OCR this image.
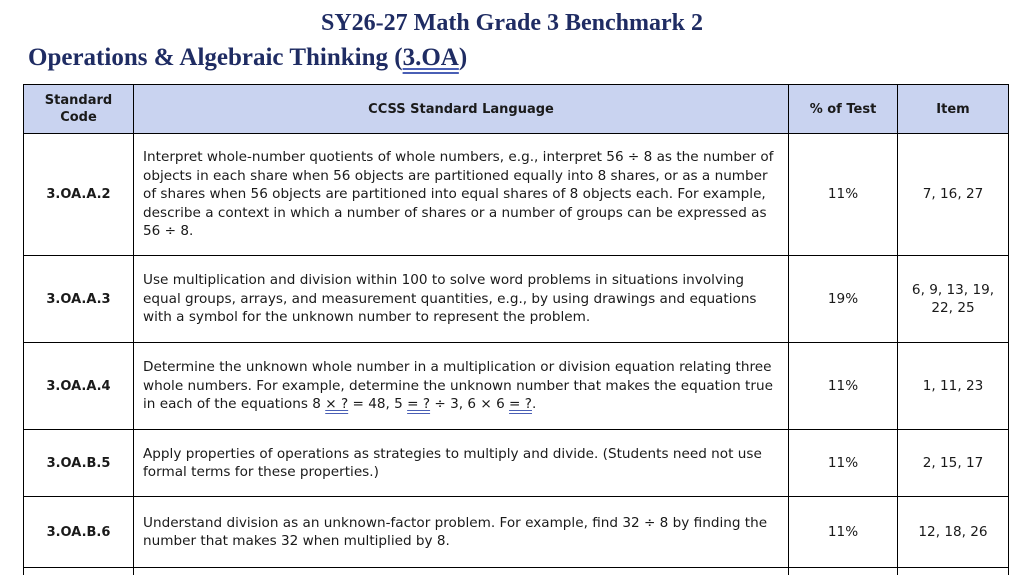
SY26-27 Math Grade 3 Benchmark 2
Operations & Algebraic Thinking (3.OA)
Standard Code	CCSS Standard Language	% of Test	Item
3.OA.A.2	Interpret whole-number quotients of whole numbers, e.g., interpret 56 ÷ 8 as the number of objects in each share when 56 objects are partitioned equally into 8 shares, or as a number of shares when 56 objects are partitioned into equal shares of 8 objects each. For example, describe a context in which a number of shares or a number of groups can be expressed as 56 ÷ 8.	11%	7, 16, 27
3.OA.A.3	Use multiplication and division within 100 to solve word problems in situations involving equal groups, arrays, and measurement quantities, e.g., by using drawings and equations with a symbol for the unknown number to represent the problem.	19%	6, 9, 13, 19, 22, 25
3.OA.A.4	Determine the unknown whole number in a multiplication or division equation relating three whole numbers. For example, determine the unknown number that makes the equation true in each of the equations 8 × ? = 48, 5 = ? ÷ 3, 6 × 6 = ?.	11%	1, 11, 23
3.OA.B.5	Apply properties of operations as strategies to multiply and divide. (Students need not use formal terms for these properties.)	11%	2, 15, 17
3.OA.B.6	Understand division as an unknown-factor problem. For example, find 32 ÷ 8 by finding the number that makes 32 when multiplied by 8.	11%	12, 18, 26
